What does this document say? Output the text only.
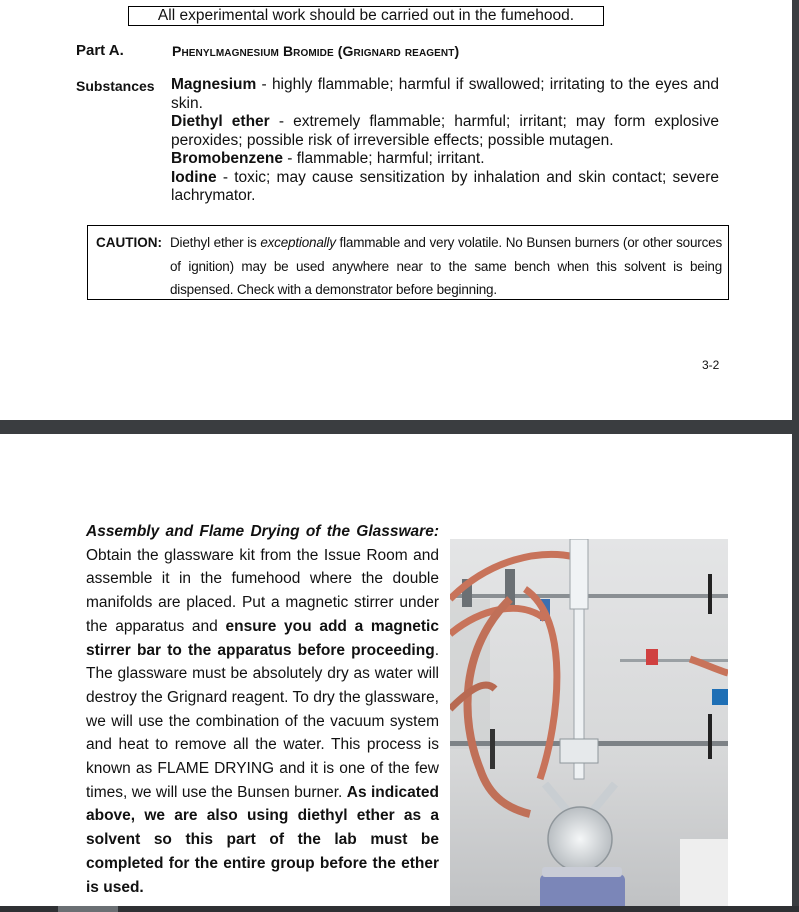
All experimental work should be carried out in the fumehood.
Part A.	Phenylmagnesium Bromide (Grignard reagent)
Substances Magnesium - highly flammable; harmful if swallowed; irritating to the eyes and skin.

Diethyl ether - extremely flammable; harmful; irritant; may form explosive peroxides; possible risk of irreversible effects; possible mutagen.

Bromobenzene - flammable; harmful; irritant.

Iodine - toxic; may cause sensitization by inhalation and skin contact; severe lachrymator.

CAUTION: Diethyl ether is exceptionally flammable and very volatile. No Bunsen burners (or other sources of ignition) may be used anywhere near to the same bench when this solvent is being dispensed. Check with a demonstrator before beginning.
3-2

Assembly and Flame Drying of the Glassware: Obtain the glassware kit from the Issue Room and assemble it in the fumehood where the double manifolds are placed. Put a magnetic stirrer under the apparatus and ensure you add a magnetic stirrer bar to the apparatus before proceeding. The glassware must be absolutely dry as water will destroy the Grignard reagent. To dry the glassware, we will use the combination of the vacuum system and heat to remove all the water. This process is known as FLAME DRYING and it is one of the few times, we will use the Bunsen burner. As indicated above, we are also using diethyl ether as a solvent so this part of the lab must be completed for the entire group before the ether is used.
